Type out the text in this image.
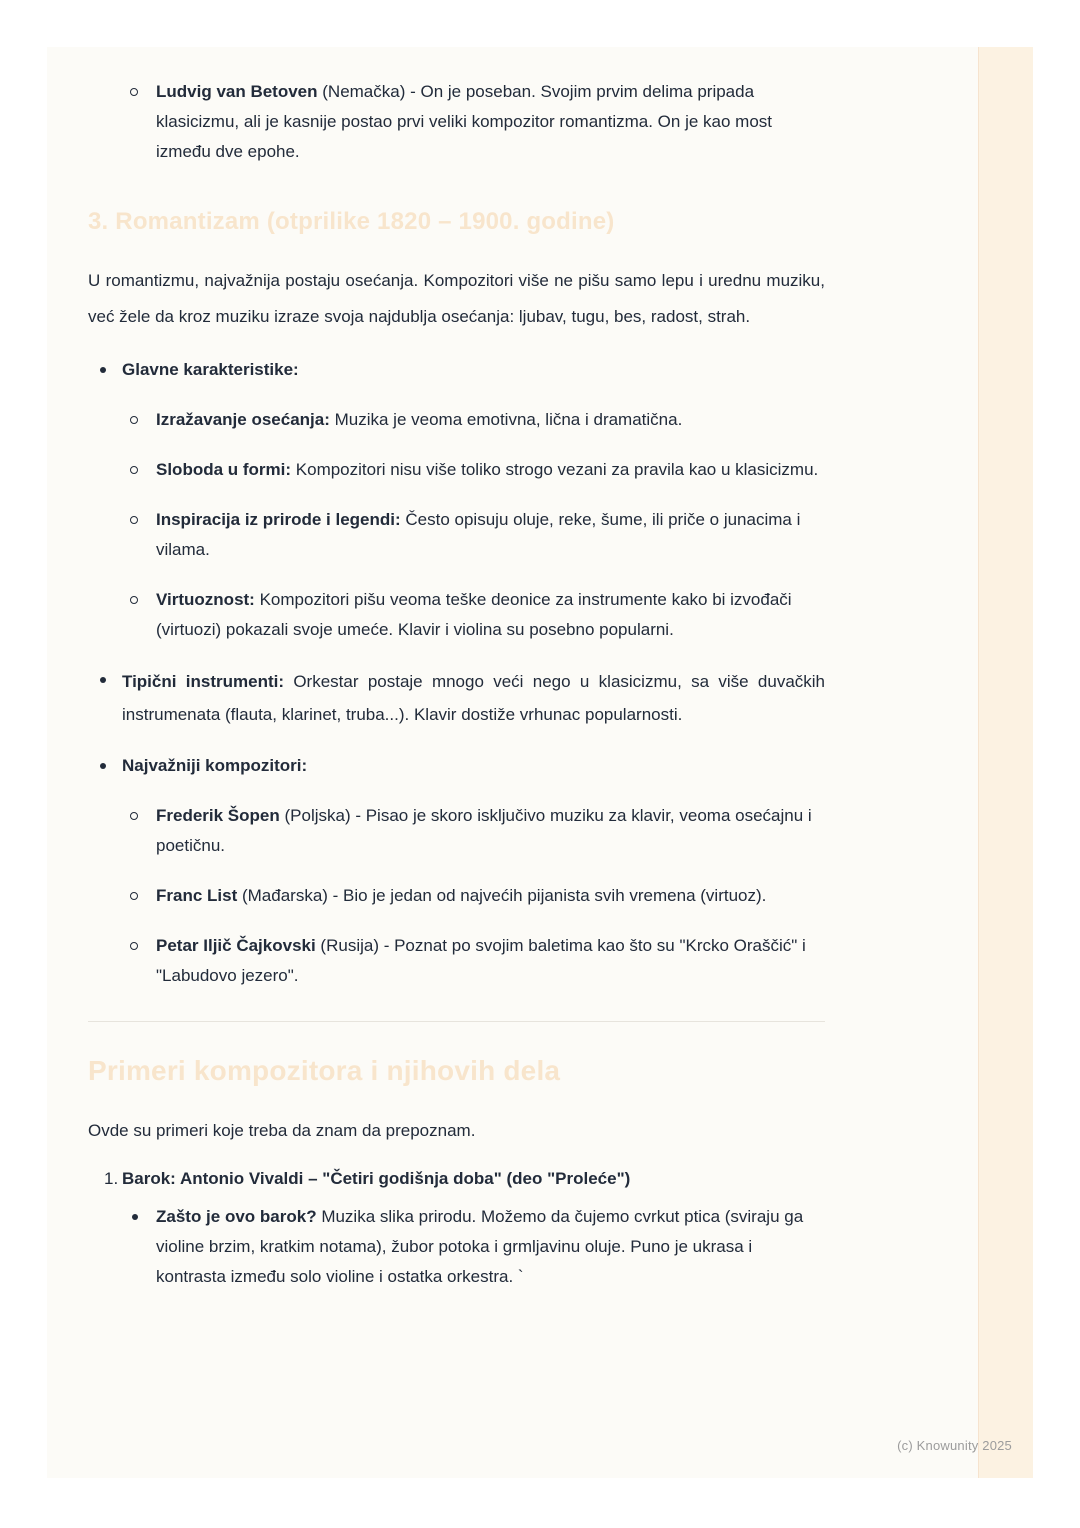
Ludvig van Betoven (Nemačka) - On je poseban. Svojim prvim delima pripada klasicizmu, ali je kasnije postao prvi veliki kompozitor romantizma. On je kao most između dve epohe.
3. Romantizam (otprilike 1820 – 1900. godine)
U romantizmu, najvažnija postaju osećanja. Kompozitori više ne pišu samo lepu i urednu muziku, već žele da kroz muziku izraze svoja najdublja osećanja: ljubav, tugu, bes, radost, strah.
Glavne karakteristike:
Izražavanje osećanja: Muzika je veoma emotivna, lična i dramatična.
Sloboda u formi: Kompozitori nisu više toliko strogo vezani za pravila kao u klasicizmu.
Inspiracija iz prirode i legendi: Često opisuju oluje, reke, šume, ili priče o junacima i vilama.
Virtuoznost: Kompozitori pišu veoma teške deonice za instrumente kako bi izvođači (virtuozi) pokazali svoje umeće. Klavir i violina su posebno popularni.
Tipični instrumenti: Orkestar postaje mnogo veći nego u klasicizmu, sa više duvačkih instrumenata (flauta, klarinet, truba...). Klavir dostiže vrhunac popularnosti.
Najvažniji kompozitori:
Frederik Šopen (Poljska) - Pisao je skoro isključivo muziku za klavir, veoma osećajnu i poetičnu.
Franc List (Mađarska) - Bio je jedan od najvećih pijanista svih vremena (virtuoz).
Petar Iljič Čajkovski (Rusija) - Poznat po svojim baletima kao što su "Krcko Oraščić" i "Labudovo jezero".
Primeri kompozitora i njihovih dela
Ovde su primeri koje treba da znam da prepoznam.
1. Barok: Antonio Vivaldi – "Četiri godišnja doba" (deo "Proleće")
Zašto je ovo barok? Muzika slika prirodu. Možemo da čujemo cvrkut ptica (sviraju ga violine brzim, kratkim notama), žubor potoka i grmljavinu oluje. Puno je ukrasa i kontrasta između solo violine i ostatka orkestra. `
(c) Knowunity 2025
